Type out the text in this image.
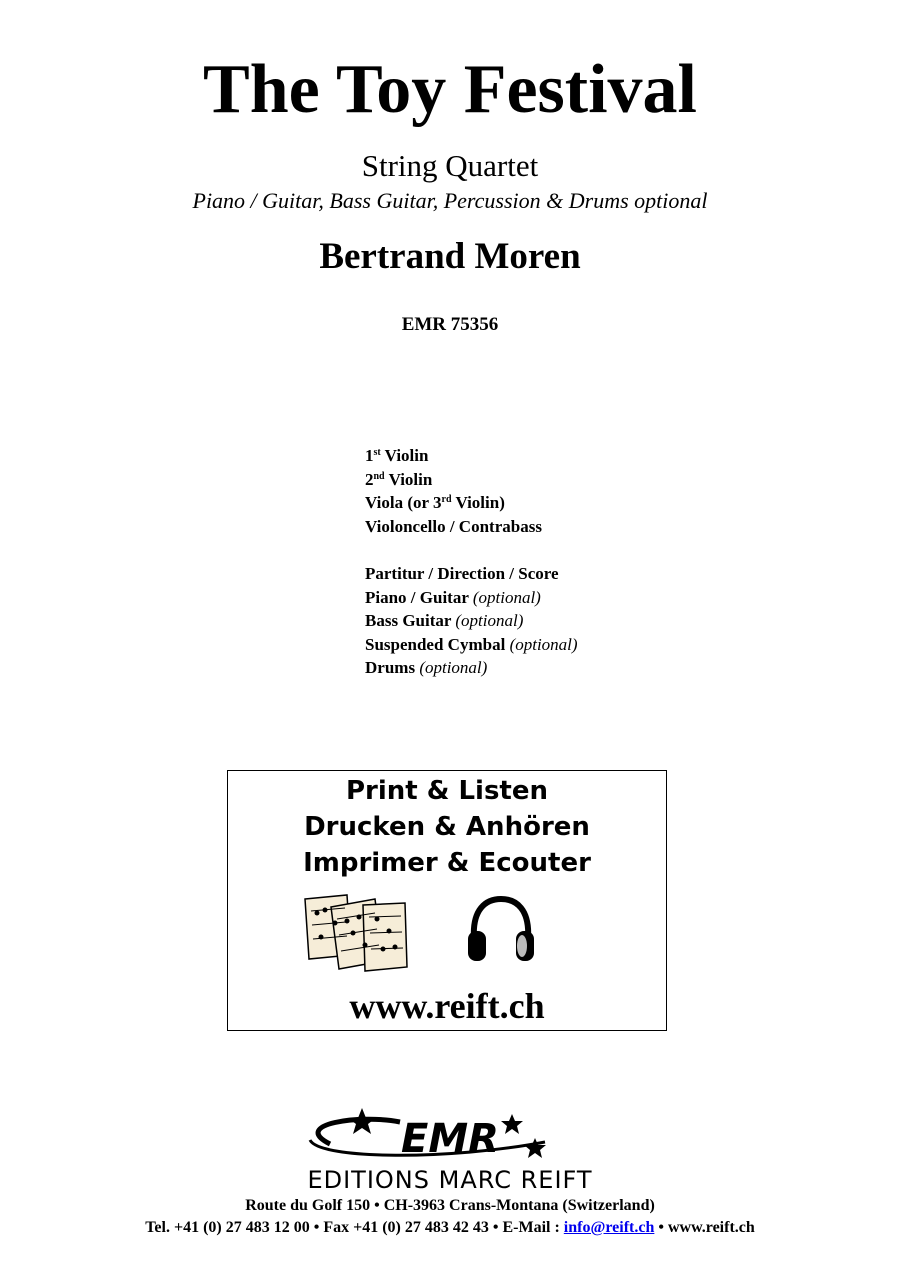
The Toy Festival
String Quartet
Piano / Guitar, Bass Guitar, Percussion & Drums optional
Bertrand Moren
EMR 75356
1st Violin
2nd Violin
Viola (or 3rd Violin)
Violoncello / Contrabass
Partitur / Direction / Score
Piano / Guitar (optional)
Bass Guitar (optional)
Suspended Cymbal (optional)
Drums (optional)
Print & Listen
Drucken & Anhören
Imprimer & Ecouter
www.reift.ch
EMR
EDITIONS MARC REIFT
Route du Golf 150 • CH-3963 Crans-Montana (Switzerland)
Tel. +41 (0) 27 483 12 00 • Fax +41 (0) 27 483 42 43 • E-Mail : info@reift.ch • www.reift.ch
